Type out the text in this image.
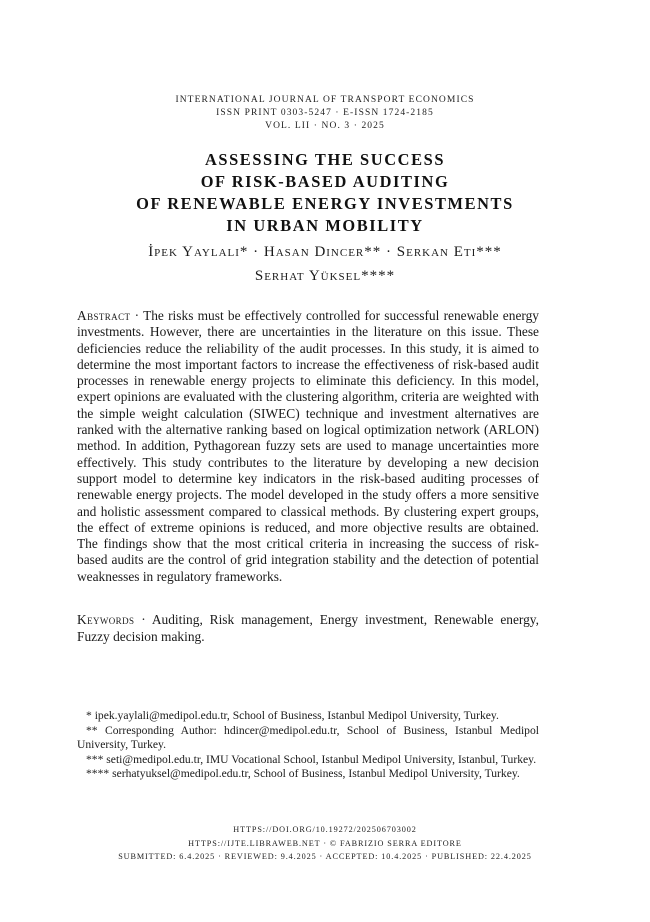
INTERNATIONAL JOURNAL OF TRANSPORT ECONOMICS
ISSN PRINT 0303-5247 · E-ISSN 1724-2185
VOL. LII · NO. 3 · 2025
ASSESSING THE SUCCESS
OF RISK-BASED AUDITING
OF RENEWABLE ENERGY INVESTMENTS
IN URBAN MOBILITY
İpek Yaylali* · Hasan Dincer** · Serkan Eti***
Serhat Yüksel****
Abstract · The risks must be effectively controlled for successful renewable energy investments. However, there are uncertainties in the literature on this issue. These deficiencies reduce the reliability of the audit processes. In this study, it is aimed to determine the most important factors to increase the effectiveness of risk-based audit processes in renewable energy projects to eliminate this deficiency. In this model, expert opinions are evaluated with the clustering algorithm, criteria are weighted with the simple weight calculation (SIWEC) technique and investment alternatives are ranked with the alternative ranking based on logical optimization network (ARLON) method. In addition, Pythagorean fuzzy sets are used to manage uncertainties more effectively. This study contributes to the literature by developing a new decision support model to determine key indicators in the risk-based auditing processes of renewable energy projects. The model developed in the study offers a more sensitive and holistic assessment compared to classical methods. By clustering expert groups, the effect of extreme opinions is reduced, and more objective results are obtained. The findings show that the most critical criteria in increasing the success of risk-based audits are the control of grid integration stability and the detection of potential weaknesses in regulatory frameworks.
Keywords · Auditing, Risk management, Energy investment, Renewable energy, Fuzzy decision making.
* ipek.yaylali@medipol.edu.tr, School of Business, Istanbul Medipol University, Turkey.
** Corresponding Author: hdincer@medipol.edu.tr, School of Business, Istanbul Medipol University, Turkey.
*** seti@medipol.edu.tr, IMU Vocational School, Istanbul Medipol University, Istanbul, Turkey.
**** serhatyuksel@medipol.edu.tr, School of Business, Istanbul Medipol University, Turkey.
HTTPS://DOI.ORG/10.19272/202506703002
HTTPS://IJTE.LIBRAWEB.NET · © FABRIZIO SERRA EDITORE
SUBMITTED: 6.4.2025 · REVIEWED: 9.4.2025 · ACCEPTED: 10.4.2025 · PUBLISHED: 22.4.2025
